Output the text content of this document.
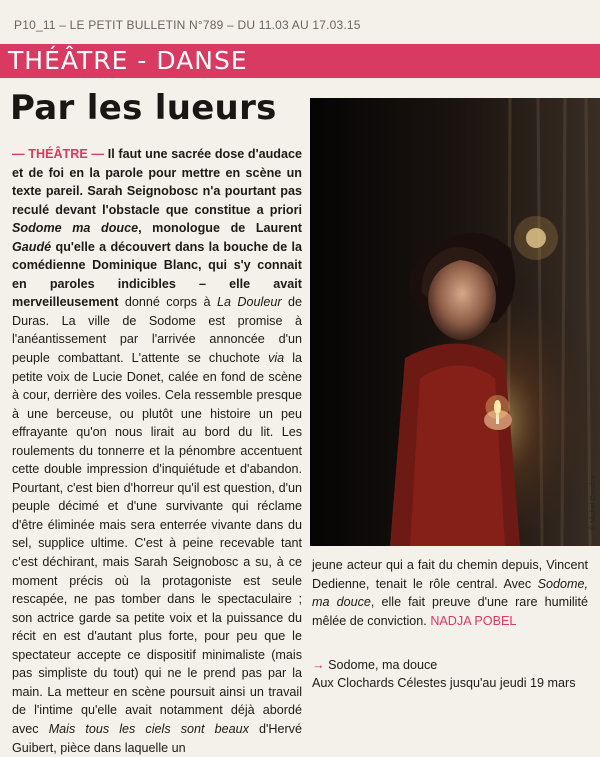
P10_11 – LE PETIT BULLETIN N°789 – DU 11.03 AU 17.03.15
THÉÂTRE - DANSE
Par les lueurs

— THÉÂTRE — Il faut une sacrée dose d'audace et de foi en la parole pour mettre en scène un texte pareil. Sarah Seignobosc n'a pourtant pas reculé devant l'obstacle que constitue a priori Sodome ma douce, monologue de Laurent Gaudé qu'elle a découvert dans la bouche de la comédienne Dominique Blanc, qui s'y connait en paroles indicibles – elle avait merveilleusement donné corps à La Douleur de Duras. La ville de Sodome est promise à l'anéantissement par l'arrivée annoncée d'un peuple combattant. L'attente se chuchote via la petite voix de Lucie Donet, calée en fond de scène à cour, derrière des voiles. Cela ressemble presque à une berceuse, ou plutôt une histoire un peu effrayante qu'on nous lirait au bord du lit. Les roulements du tonnerre et la pénombre accentuent cette double impression d'inquiétude et d'abandon. Pourtant, c'est bien d'horreur qu'il est question, d'un peuple décimé et d'une survivante qui réclame d'être éliminée mais sera enterrée vivante dans du sel, supplice ultime. C'est à peine recevable tant c'est déchirant, mais Sarah Seignobosc a su, à ce moment précis où la protagoniste est seule rescapée, ne pas tomber dans le spectaculaire ; son actrice garde sa petite voix et la puissance du récit en est d'autant plus forte, pour peu que le spectateur accepte ce dispositif minimaliste (mais pas simpliste du tout) qui ne le prend pas par la main. La metteur en scène poursuit ainsi un travail de l'intime qu'elle avait notamment déjà abordé avec Mais tous les ciels sont beaux d'Hervé Guibert, pièce dans laquelle un

© Michel Cavalca

jeune acteur qui a fait du chemin depuis, Vincent Dedienne, tenait le rôle central. Avec Sodome, ma douce, elle fait preuve d'une rare humilité mêlée de conviction. NADJA POBEL

→ Sodome, ma douce
Aux Clochards Célestes jusqu'au jeudi 19 mars
